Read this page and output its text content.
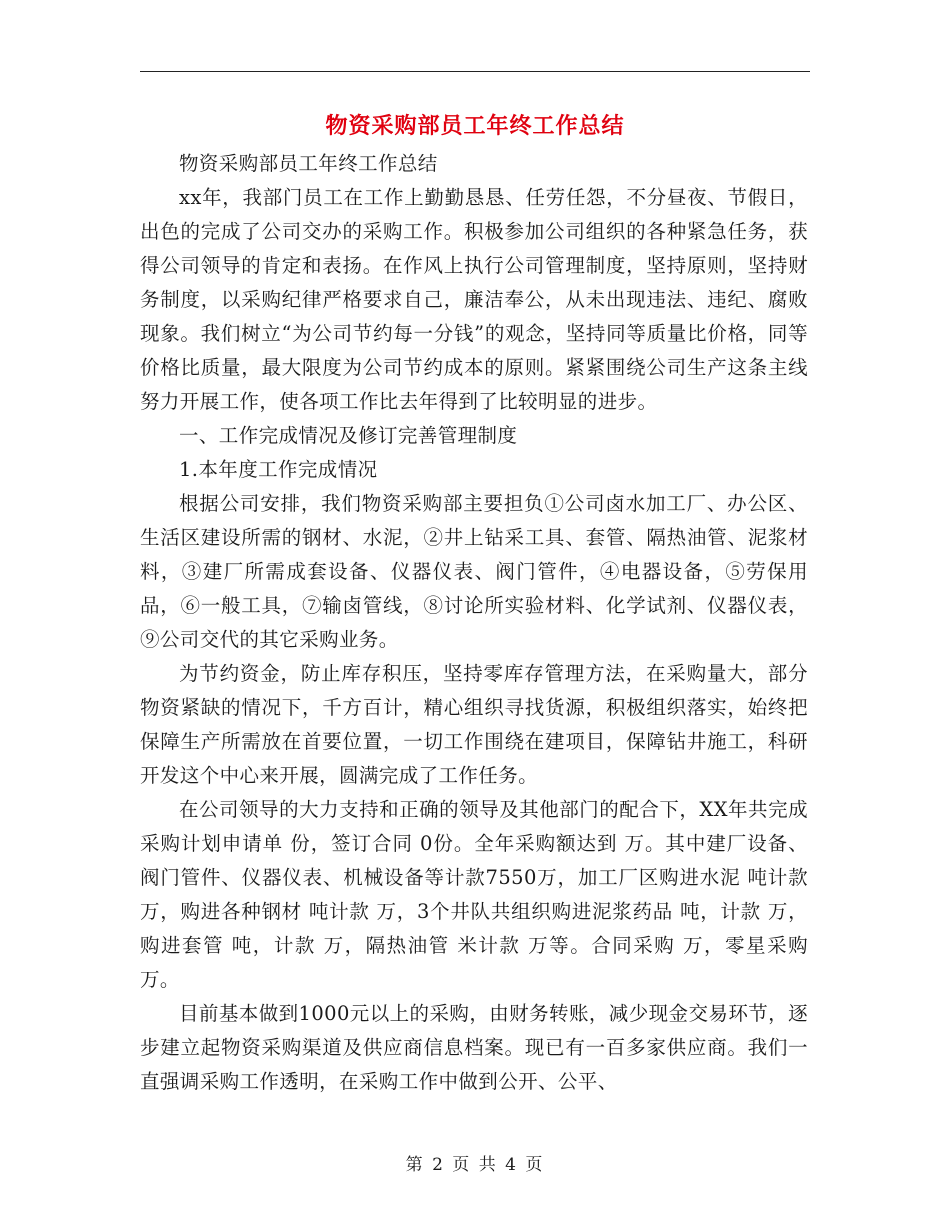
物资采购部员工年终工作总结

物资采购部员工年终工作总结

xx年，我部门员工在工作上勤勤恳恳、任劳任怨，不分昼夜、节假日，出色的完成了公司交办的采购工作。积极参加公司组织的各种紧急任务，获得公司领导的肯定和表扬。在作风上执行公司管理制度，坚持原则，坚持财务制度，以采购纪律严格要求自己，廉洁奉公，从未出现违法、违纪、腐败现象。我们树立“为公司节约每一分钱”的观念，坚持同等质量比价格，同等价格比质量，最大限度为公司节约成本的原则。紧紧围绕公司生产这条主线努力开展工作，使各项工作比去年得到了比较明显的进步。

一、工作完成情况及修订完善管理制度

1.本年度工作完成情况

根据公司安排，我们物资采购部主要担负①公司卤水加工厂、办公区、生活区建设所需的钢材、水泥，②井上钻采工具、套管、隔热油管、泥浆材料，③建厂所需成套设备、仪器仪表、阀门管件，④电器设备，⑤劳保用品，⑥一般工具，⑦输卤管线，⑧讨论所实验材料、化学试剂、仪器仪表，⑨公司交代的其它采购业务。

为节约资金，防止库存积压，坚持零库存管理方法，在采购量大，部分物资紧缺的情况下，千方百计，精心组织寻找货源，积极组织落实，始终把保障生产所需放在首要位置，一切工作围绕在建项目，保障钻井施工，科研开发这个中心来开展，圆满完成了工作任务。

在公司领导的大力支持和正确的领导及其他部门的配合下，XX年共完成采购计划申请单 份，签订合同 0份。全年采购额达到 万。其中建厂设备、阀门管件、仪器仪表、机械设备等计款7550万，加工厂区购进水泥 吨计款 万，购进各种钢材 吨计款 万，3个井队共组织购进泥浆药品 吨，计款 万，购进套管 吨，计款 万，隔热油管 米计款 万等。合同采购 万，零星采购 万。

目前基本做到1000元以上的采购，由财务转账，减少现金交易环节，逐步建立起物资采购渠道及供应商信息档案。现已有一百多家供应商。我们一直强调采购工作透明，在采购工作中做到公开、公平、

第 2 页 共 4 页
